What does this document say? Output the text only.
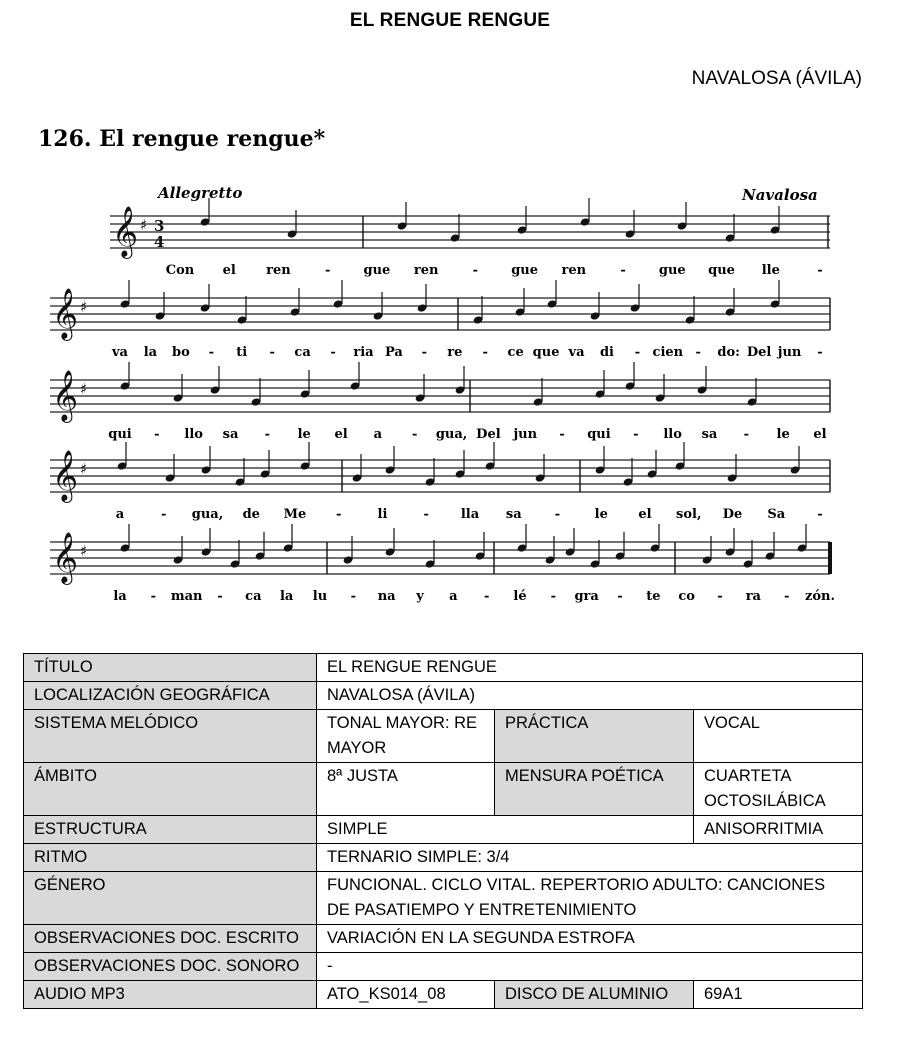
EL RENGUE RENGUE
NAVALOSA (ÁVILA)
126. El rengue rengue*
Allegretto	Navalosa
𝄞 ♯ 3
4
𝄞 ♯
𝄞 ♯
𝄞 ♯
𝄞 ♯
Con el ren	-	gue ren	-	gue ren	-	gue que lle	-
va la bo - ti - ca - ria Pa - re - ce que va di - cien - do: Del jun -
qui - llo sa - le el a - gua, Del jun - qui - llo sa - le el
a	- gua, de Me -	li	- lla sa	-	le el sol, De Sa -
la - man - ca la lu - na y a - lé - gra - te co - ra - zón.
TÍTULO	EL RENGUE RENGUE		
LOCALIZACIÓN GEOGRÁFICA	NAVALOSA (ÁVILA)		
SISTEMA MELÓDICO	TONAL MAYOR: RE MAYOR	PRÁCTICA	VOCAL
ÁMBITO	8ª JUSTA	MENSURA POÉTICA	CUARTETA OCTOSILÁBICA
ESTRUCTURA	SIMPLE		ANISORRITMIA
RITMO	TERNARIO SIMPLE: 3/4		
GÉNERO	FUNCIONAL. CICLO VITAL. REPERTORIO ADULTO: CANCIONES DE PASATIEMPO Y ENTRETENIMIENTO		
OBSERVACIONES DOC. ESCRITO	VARIACIÓN EN LA SEGUNDA ESTROFA		
OBSERVACIONES DOC. SONORO	-		
AUDIO MP3	ATO_KS014_08	DISCO DE ALUMINIO	69A1
